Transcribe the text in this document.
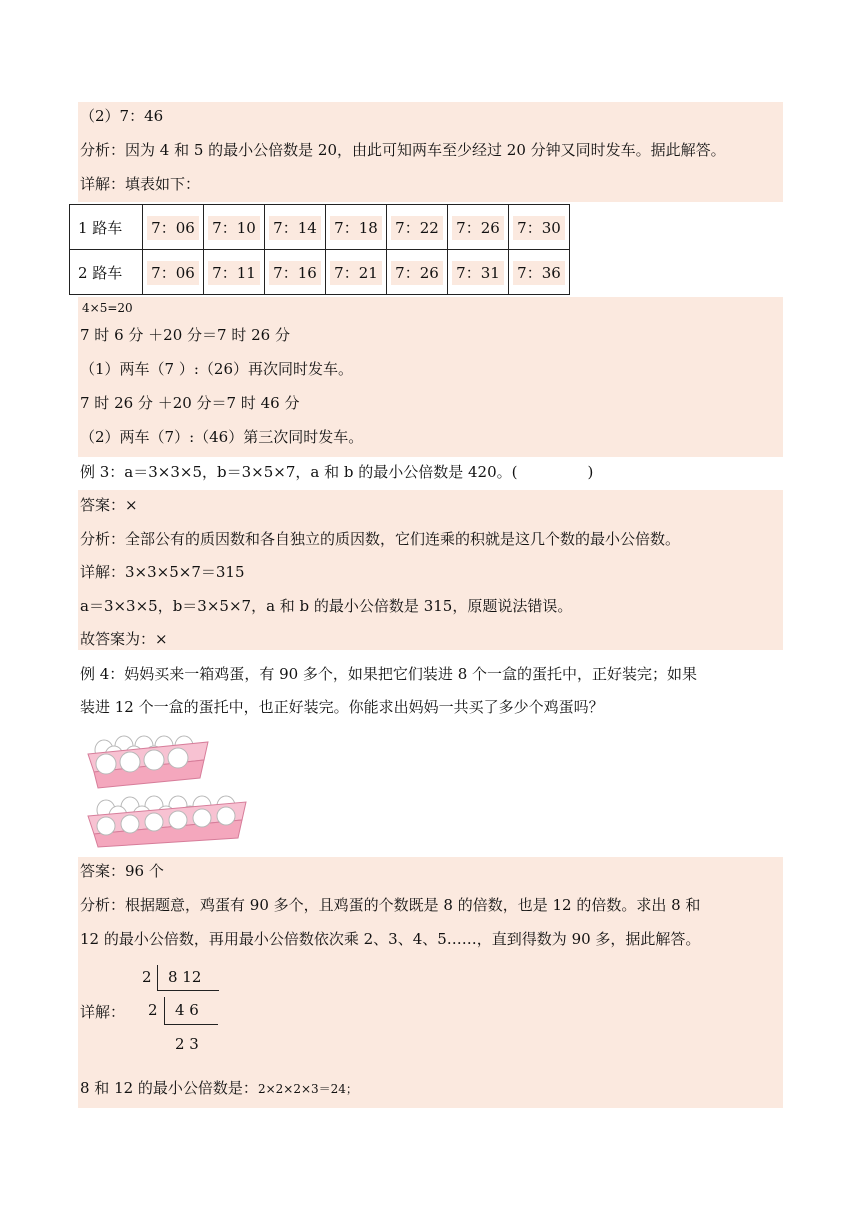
（2）7：46
分析：因为 4 和 5 的最小公倍数是 20，由此可知两车至少经过 20 分钟又同时发车。据此解答。
详解：填表如下：
1 路车	7：06	7：10	7：14	7：18	7：22	7：26	7：30
2 路车	7：06	7：11	7：16	7：21	7：26	7：31	7：36
4×5=20
7 时 6 分 ＋20 分＝7 时 26 分
（1）两车（7 ）:（26）再次同时发车。
7 时 26 分 ＋20 分＝7 时 46 分
（2）两车（7）:（46）第三次同时发车。
例 3：a＝3×3×5，b＝3×5×7，a 和 b 的最小公倍数是 420。(	)
答案：×
分析：全部公有的质因数和各自独立的质因数，它们连乘的积就是这几个数的最小公倍数。
详解：3×3×5×7＝315
a＝3×3×5，b＝3×5×7，a 和 b 的最小公倍数是 315，原题说法错误。
故答案为：×
例 4：妈妈买来一箱鸡蛋，有 90 多个，如果把它们装进 8 个一盒的蛋托中，正好装完；如果
装进 12 个一盒的蛋托中，也正好装完。你能求出妈妈一共买了多少个鸡蛋吗？
答案：96 个
分析：根据题意，鸡蛋有 90 多个，且鸡蛋的个数既是 8 的倍数，也是 12 的倍数。求出 8 和
12 的最小公倍数，再用最小公倍数依次乘 2、3、4、5……，直到得数为 90 多，据此解答。
详解：
2 8 12
2 4 6
2 3
8 和 12 的最小公倍数是：2×2×2×3＝24；
